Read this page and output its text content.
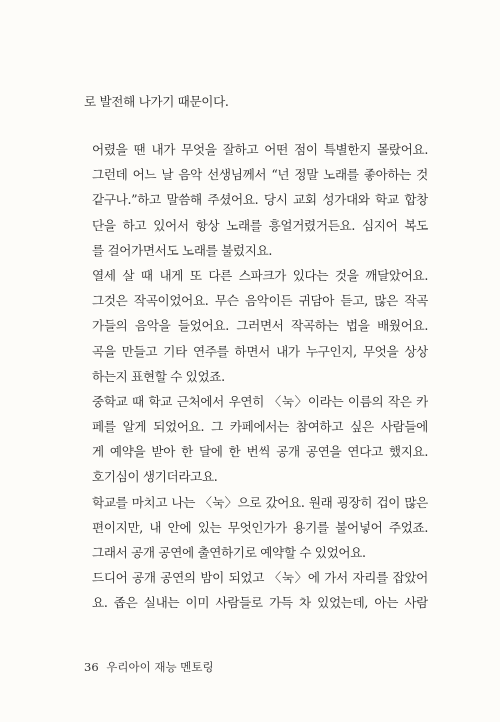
로 발전해 나가기 때문이다.
어렸을 땐 내가 무엇을 잘하고 어떤 점이 특별한지 몰랐어요.
그런데 어느 날 음악 선생님께서 “넌 정말 노래를 좋아하는 것
같구나.”하고 말씀해 주셨어요. 당시 교회 성가대와 학교 합창
단을 하고 있어서 항상 노래를 흥얼거렸거든요. 심지어 복도
를 걸어가면서도 노래를 불렀지요.
열세 살 때 내게 또 다른 스파크가 있다는 것을 깨달았어요.
그것은 작곡이었어요. 무슨 음악이든 귀담아 듣고, 많은 작곡
가들의 음악을 들었어요. 그러면서 작곡하는 법을 배웠어요.
곡을 만들고 기타 연주를 하면서 내가 누구인지, 무엇을 상상
하는지 표현할 수 있었죠.
중학교 때 학교 근처에서 우연히 〈눅〉이라는 이름의 작은 카
페를 알게 되었어요. 그 카페에서는 참여하고 싶은 사람들에
게 예약을 받아 한 달에 한 번씩 공개 공연을 연다고 했지요.
호기심이 생기더라고요.
학교를 마치고 나는 〈눅〉으로 갔어요. 원래 굉장히 겁이 많은
편이지만, 내 안에 있는 무엇인가가 용기를 불어넣어 주었죠.
그래서 공개 공연에 출연하기로 예약할 수 있었어요.
드디어 공개 공연의 밤이 되었고 〈눅〉에 가서 자리를 잡았어
요. 좁은 실내는 이미 사람들로 가득 차 있었는데, 아는 사람
36 우리아이 재능 멘토링
